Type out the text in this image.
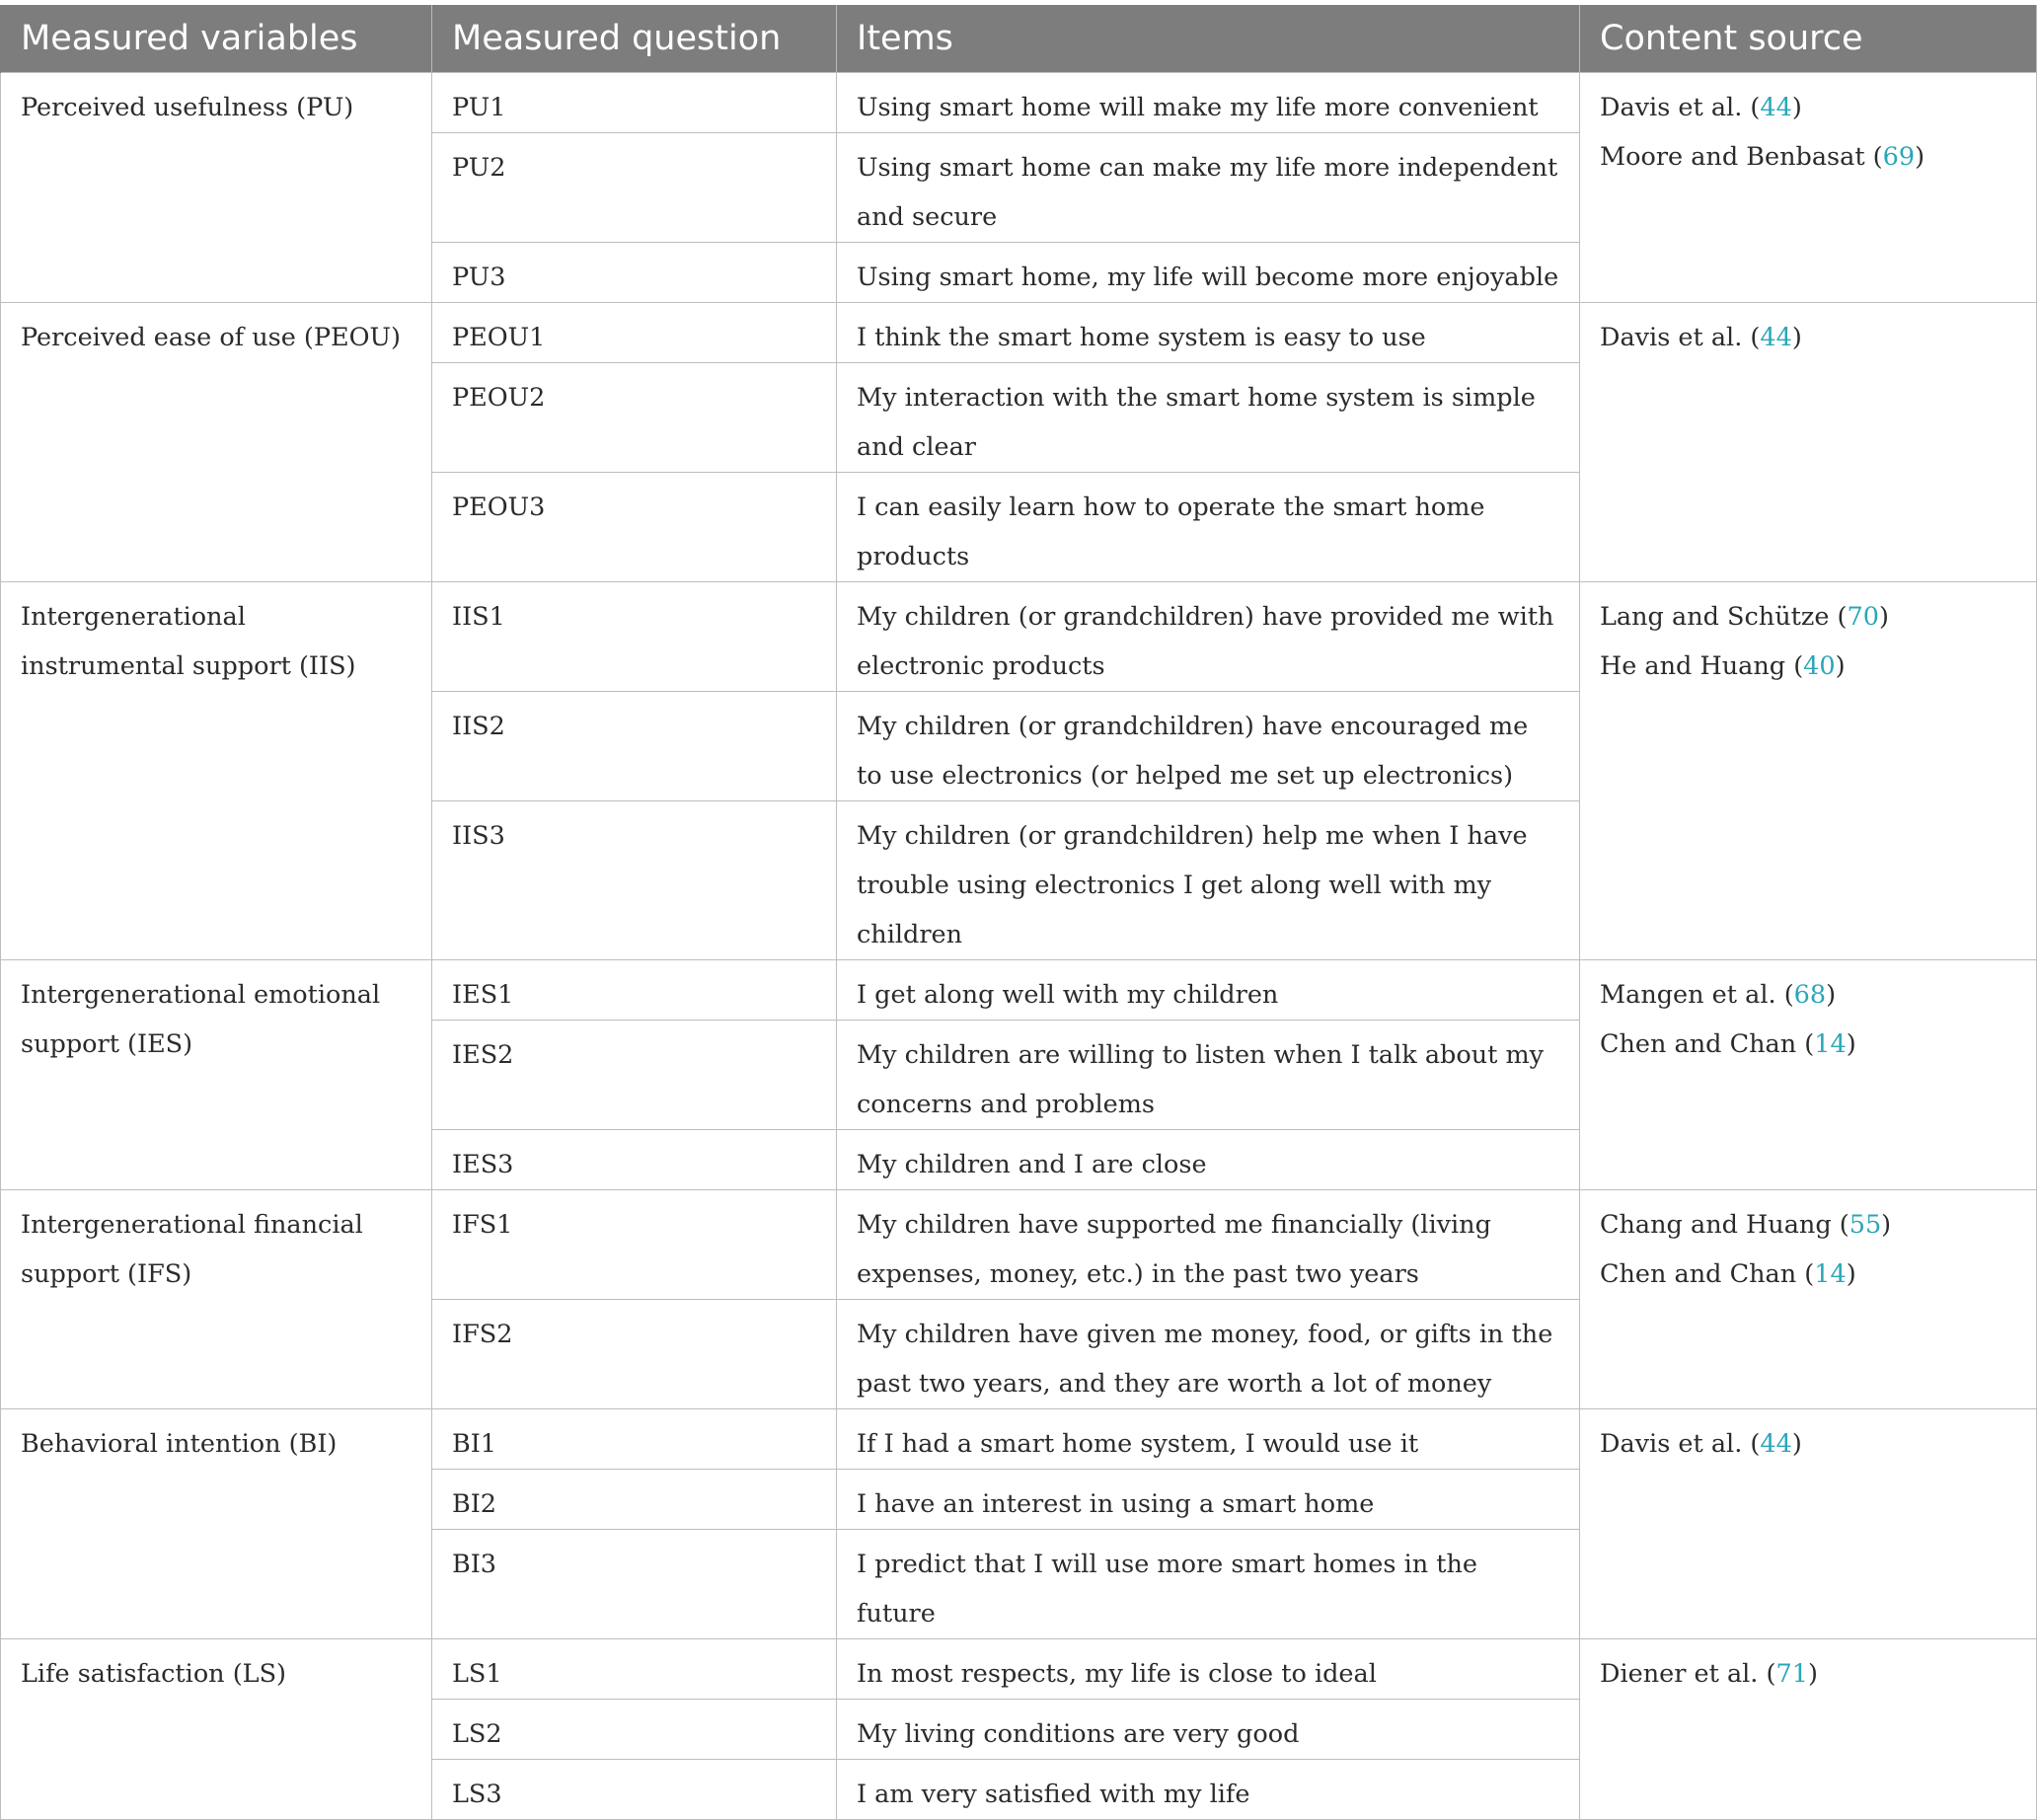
Measured variables	Measured question	Items	Content source
Perceived usefulness (PU)	PU1	Using smart home will make my life more convenient	Davis et al. (44)
Moore and Benbasat (69)

	PU2	Using smart home can make my life more independent and secure	
	PU3	Using smart home, my life will become more enjoyable	
Perceived ease of use (PEOU)	PEOU1	I think the smart home system is easy to use	Davis et al. (44)

	PEOU2	My interaction with the smart home system is simple and clear	
	PEOU3	I can easily learn how to operate the smart home products	
Intergenerational instrumental support (IIS)	IIS1	My children (or grandchildren) have provided me with electronic products	Lang and Schütze (70)
He and Huang (40)

	IIS2	My children (or grandchildren) have encouraged me to use electronics (or helped me set up electronics)	
	IIS3	My children (or grandchildren) help me when I have trouble using electronics I get along well with my children	
Intergenerational emotional support (IES)	IES1	I get along well with my children	Mangen et al. (68)
Chen and Chan (14)

	IES2	My children are willing to listen when I talk about my concerns and problems	
	IES3	My children and I are close	
Intergenerational financial support (IFS)	IFS1	My children have supported me financially (living expenses, money, etc.) in the past two years	Chang and Huang (55)
Chen and Chan (14)

	IFS2	My children have given me money, food, or gifts in the past two years, and they are worth a lot of money	
Behavioral intention (BI)	BI1	If I had a smart home system, I would use it	Davis et al. (44)

	BI2	I have an interest in using a smart home	
	BI3	I predict that I will use more smart homes in the future	
Life satisfaction (LS)	LS1	In most respects, my life is close to ideal	Diener et al. (71)

	LS2	My living conditions are very good	
	LS3	I am very satisfied with my life	
